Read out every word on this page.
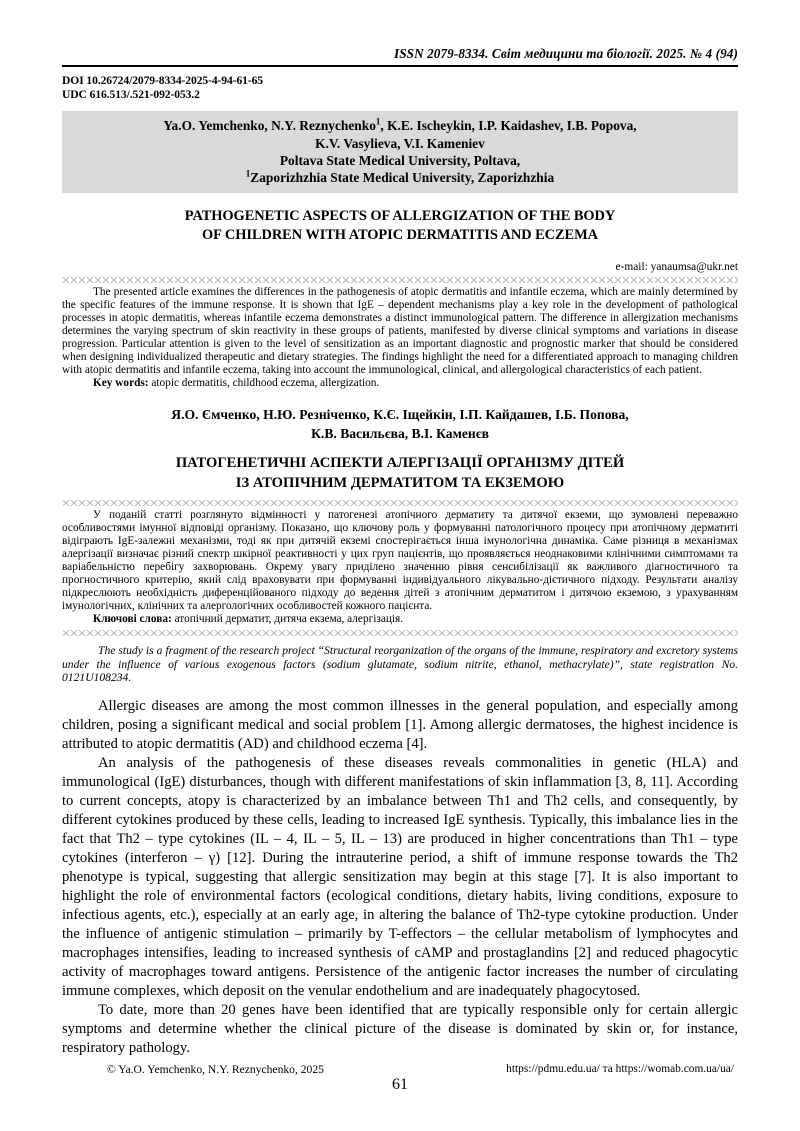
ISSN 2079-8334. Світ медицини та біології. 2025. № 4 (94)
DOI 10.26724/2079-8334-2025-4-94-61-65
UDC 616.513/.521-092-053.2
Ya.O. Yemchenko, N.Y. Reznychenko$^1$, K.E. Ischeykin, I.P. Kaidashev, I.B. Popova,
K.V. Vasylieva, V.I. Kameniev
Poltava State Medical University, Poltava,
$^1$Zaporizhzhia State Medical University, Zaporizhzhia
PATHOGENETIC ASPECTS OF ALLERGIZATION OF THE BODY
OF CHILDREN WITH ATOPIC DERMATITIS AND ECZEMA
e-mail: yanaumsa@ukr.net

The presented article examines the differences in the pathogenesis of atopic dermatitis and infantile eczema, which are mainly determined by the specific features of the immune response. It is shown that IgE – dependent mechanisms play a key role in the development of pathological processes in atopic dermatitis, whereas infantile eczema demonstrates a distinct immunological pattern. The difference in allergization mechanisms determines the varying spectrum of skin reactivity in these groups of patients, manifested by diverse clinical symptoms and variations in disease progression. Particular attention is given to the level of sensitization as an important diagnostic and prognostic marker that should be considered when designing individualized therapeutic and dietary strategies. The findings highlight the need for a differentiated approach to managing children with atopic dermatitis and infantile eczema, taking into account the immunological, clinical, and allergological characteristics of each patient.

Key words: atopic dermatitis, childhood eczema, allergization.

Я.О. Ємченко, Н.Ю. Резніченко, К.Є. Іщейкін, І.П. Кайдашев, І.Б. Попова,
К.В. Васильєва, В.І. Каменєв
ПАТОГЕНЕТИЧНІ АСПЕКТИ АЛЕРГІЗАЦІЇ ОРГАНІЗМУ ДІТЕЙ
ІЗ АТОПІЧНИМ ДЕРМАТИТОМ ТА ЕКЗЕМОЮ

У поданій статті розглянуто відмінності у патогенезі атопічного дерматиту та дитячої екземи, що зумовлені переважно особливостями імунної відповіді організму. Показано, що ключову роль у формуванні патологічного процесу при атопічному дерматиті відіграють IgE-залежні механізми, тоді як при дитячій екземі спостерігається інша імунологічна динаміка. Саме різниця в механізмах алергізації визначає різний спектр шкірної реактивності у цих груп пацієнтів, що проявляється неоднаковими клінічними симптомами та варіабельністю перебігу захворювань. Окрему увагу приділено значенню рівня сенсибілізації як важливого діагностичного та прогностичного критерію, який слід враховувати при формуванні індивідуального лікувально-дієтичного підходу. Результати аналізу підкреслюють необхідність диференційованого підходу до ведення дітей з атопічним дерматитом і дитячою екземою, з урахуванням імунологічних, клінічних та алергологічних особливостей кожного пацієнта.

Ключові слова: атопічний дерматит, дитяча екзема, алергізація.

The study is a fragment of the research project “Structural reorganization of the organs of the immune, respiratory and excretory systems under the influence of various exogenous factors (sodium glutamate, sodium nitrite, ethanol, methacrylate)”, state registration No. 0121U108234.

Allergic diseases are among the most common illnesses in the general population, and especially among children, posing a significant medical and social problem [1]. Among allergic dermatoses, the highest incidence is attributed to atopic dermatitis (AD) and childhood eczema [4].

An analysis of the pathogenesis of these diseases reveals commonalities in genetic (HLA) and immunological (IgE) disturbances, though with different manifestations of skin inflammation [3, 8, 11]. According to current concepts, atopy is characterized by an imbalance between Th1 and Th2 cells, and consequently, by different cytokines produced by these cells, leading to increased IgE synthesis. Typically, this imbalance lies in the fact that Th2 – type cytokines (IL – 4, IL – 5, IL – 13) are produced in higher concentrations than Th1 – type cytokines (interferon – γ) [12]. During the intrauterine period, a shift of immune response towards the Th2 phenotype is typical, suggesting that allergic sensitization may begin at this stage [7]. It is also important to highlight the role of environmental factors (ecological conditions, dietary habits, living conditions, exposure to infectious agents, etc.), especially at an early age, in altering the balance of Th2-type cytokine production. Under the influence of antigenic stimulation – primarily by T-effectors – the cellular metabolism of lymphocytes and macrophages intensifies, leading to increased synthesis of cAMP and prostaglandins [2] and reduced phagocytic activity of macrophages toward antigens. Persistence of the antigenic factor increases the number of circulating immune complexes, which deposit on the venular endothelium and are inadequately phagocytosed.

To date, more than 20 genes have been identified that are typically responsible only for certain allergic symptoms and determine whether the clinical picture of the disease is dominated by skin or, for instance, respiratory pathology.

© Ya.O. Yemchenko, N.Y. Reznychenko, 2025	https://pdmu.edu.ua/ та https://womab.com.ua/ua/
61
